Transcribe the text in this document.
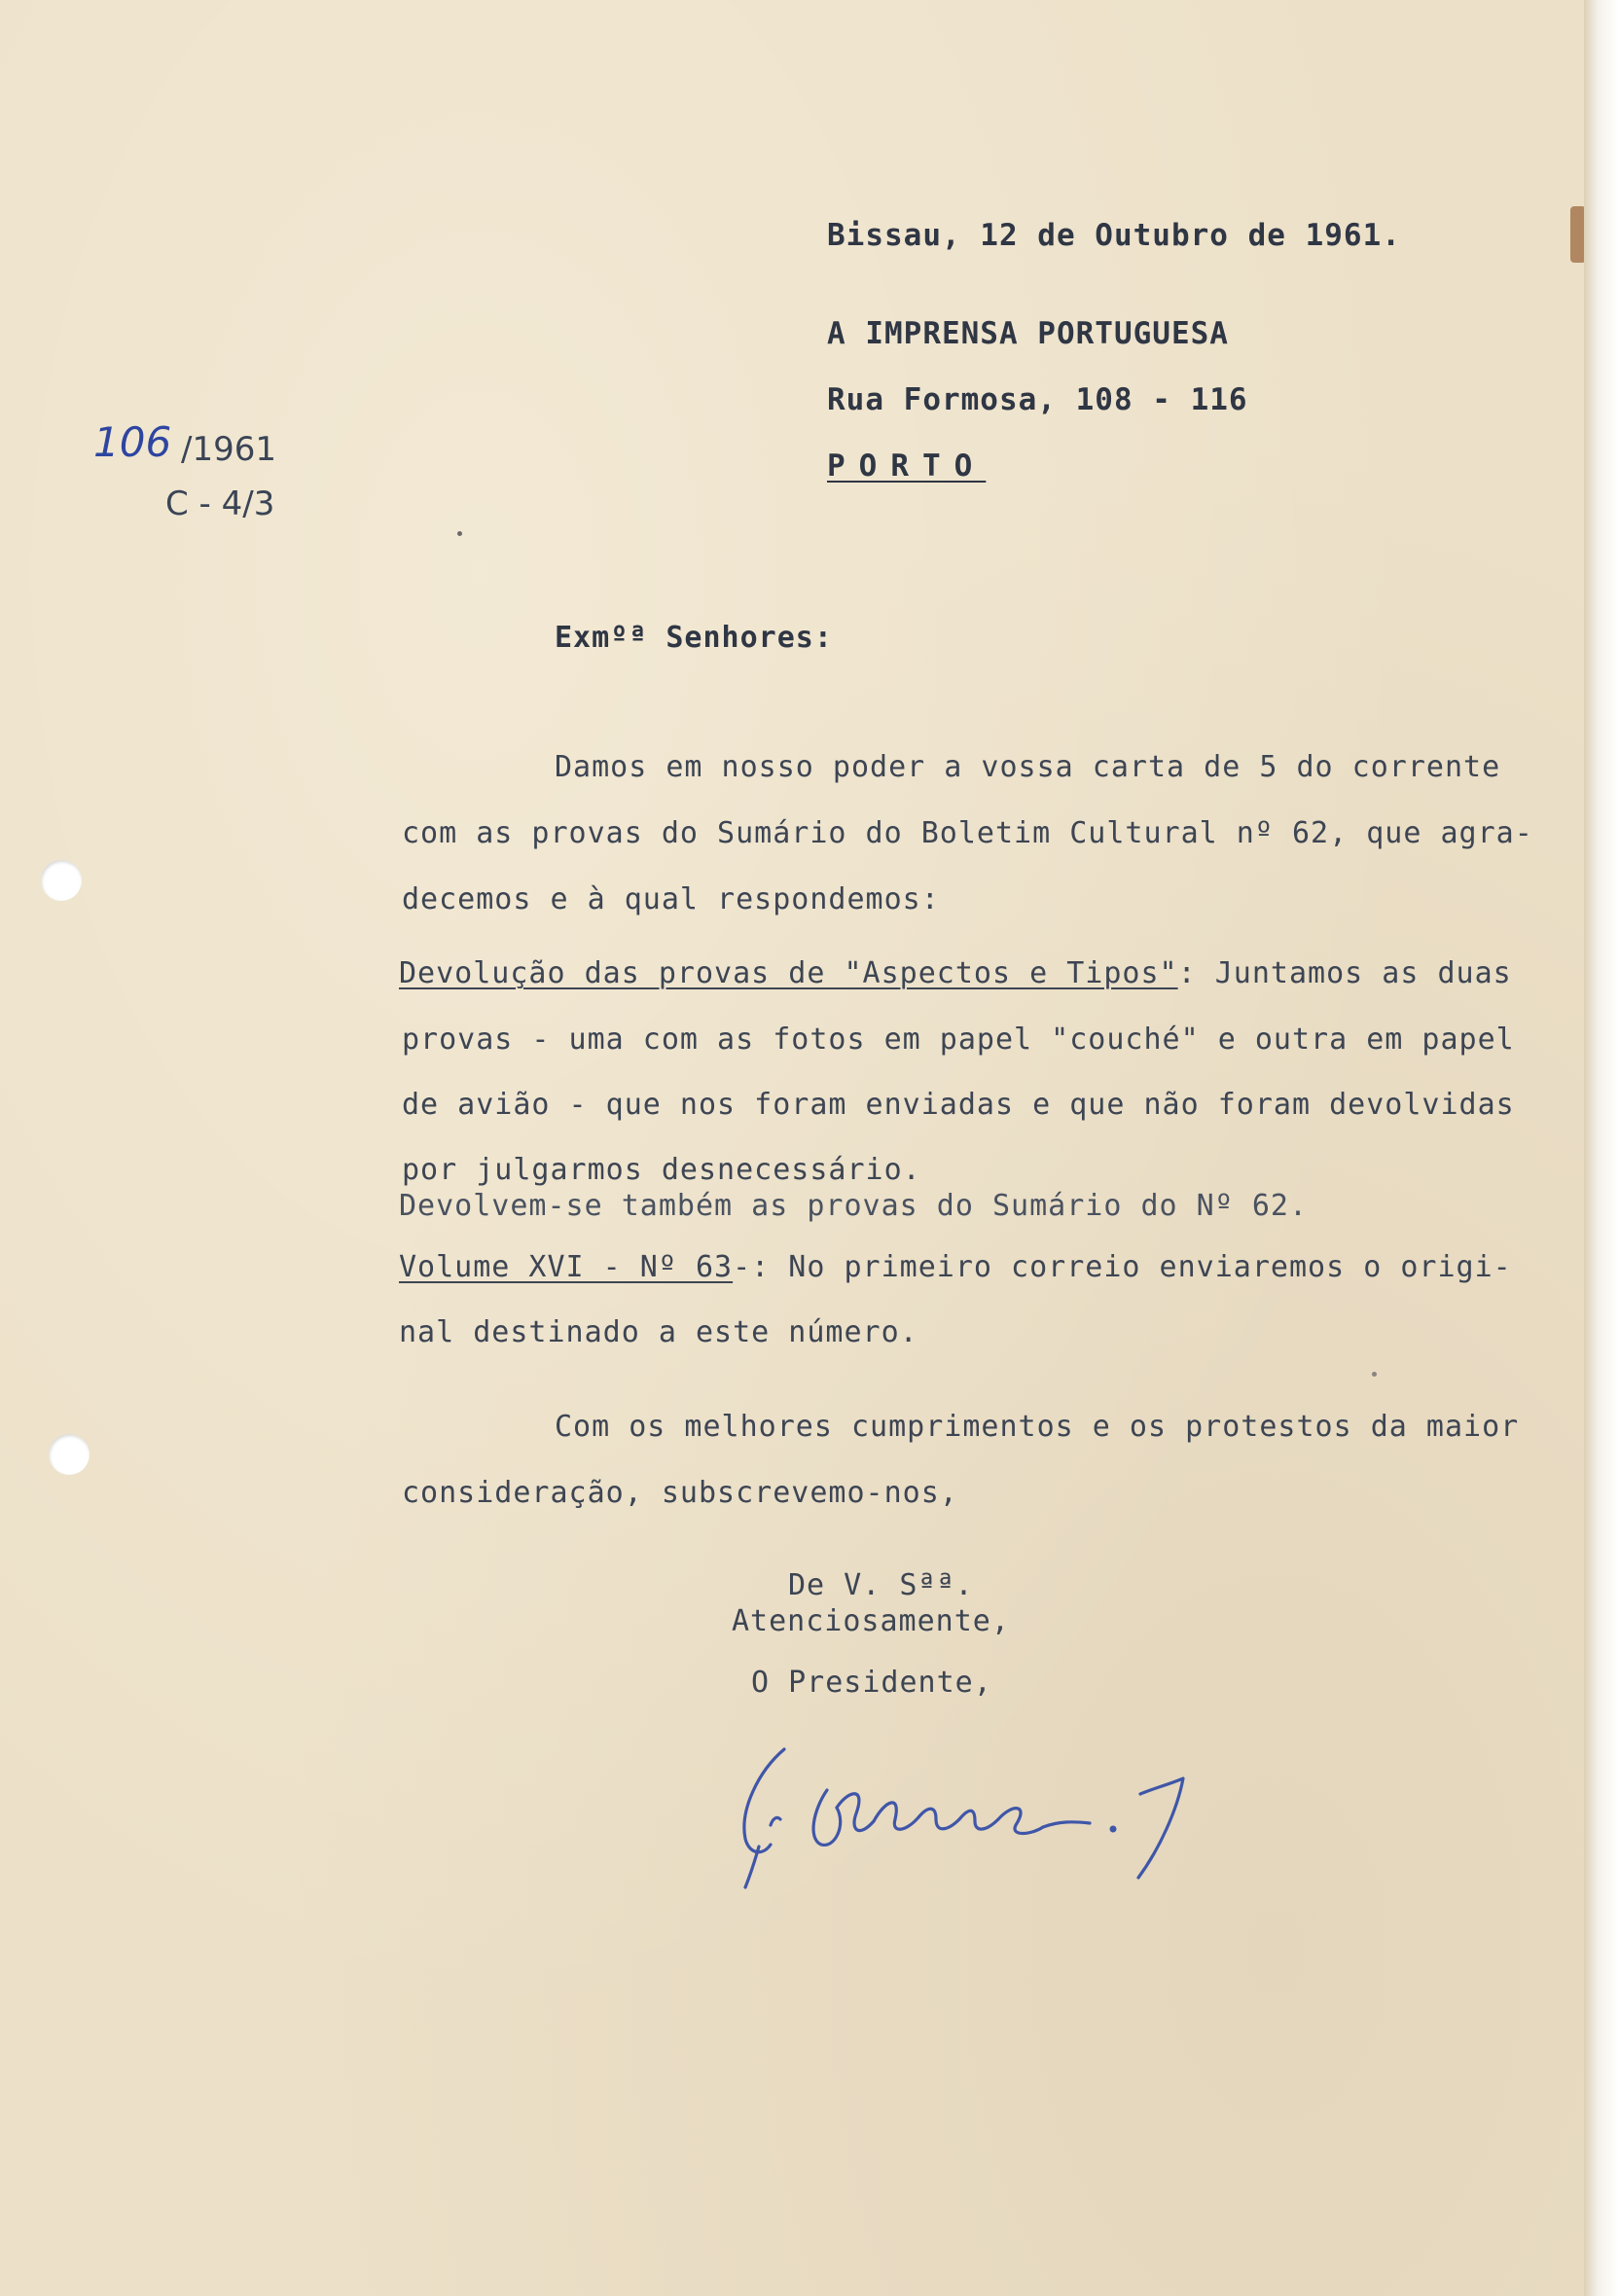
Bissau, 12 de Outubro de 1961.

A IMPRENSA PORTUGUESA

Rua Formosa, 108 - 116

PORTO

106 /1961

C - 4/3

Exmºª Senhores:

Damos em nosso poder a vossa carta de 5 do corrente

com as provas do Sumário do Boletim Cultural nº 62, que agra-

decemos e à qual respondemos:

Devolução das provas de "Aspectos e Tipos": Juntamos as duas

provas - uma com as fotos em papel "couché" e outra em papel

de avião - que nos foram enviadas e que não foram devolvidas

por julgarmos desnecessário.

Devolvem-se também as provas do Sumário do Nº 62.

Volume XVI - Nº 63-: No primeiro correio enviaremos o origi-

nal destinado a este número.

Com os melhores cumprimentos e os protestos da maior

consideração, subscrevemo-nos,

De V. Sªª.

Atenciosamente,

O Presidente,
